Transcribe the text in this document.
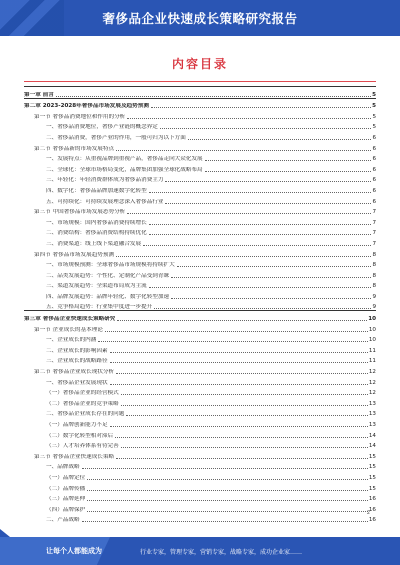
奢侈品企业快速成长策略研究报告
内容目录
第一章 前言	5
第二章 2023-2028年奢侈品市场发展及趋势预测	5
第一节 奢侈品消费地位和作用的分析	5
一、奢侈品消费地位，奢侈产业链的概念界定	5
二、奢侈品消费，奢侈产业的作用，一般可归为以下方面	6
第二节 奢侈品新的市场发展特点	6
一、发展特点：从重视品牌到重视产品，奢侈品走向大众化发展	6
二、全球化：全球市场格局变化，品牌集团加强全球化战略布局	6
三、年轻化：年轻消费群体成为奢侈品消费主力	6
四、数字化：奢侈品品牌加速数字化转型	6
五、可持续化：可持续发展理念深入奢侈品行业	6
第三节 中国奢侈品市场发展态势分析	7
一、市场规模：国内奢侈品消费持续增长	7
二、消费结构：奢侈品消费结构持续优化	7
三、消费渠道：线上线下渠道融合发展	7
第四节 奢侈品市场发展趋势预测	8
一、市场规模预测：全球奢侈品市场规模将持续扩大	8
二、品类发展趋势：个性化、定制化产品受到青睐	8
三、渠道发展趋势：全渠道布局成为主流	8
四、品牌发展趋势：品牌年轻化、数字化转型加速	9
五、竞争格局趋势：行业集中度进一步提升	9
第三章 奢侈品企业快速成长策略研究	10
第一节 企业成长的基本理论	10
一、企业成长的内涵	10
二、企业成长的影响因素	11
三、企业成长的战略路径	11
第二节 奢侈品企业成长现状分析	12
一、奢侈品企业发展现状	12
（一）奢侈品企业的经营模式	12
（二）奢侈品企业的竞争策略	13
二、奢侈品企业成长存在的问题	13
（一）品牌创新能力不足	13
（二）数字化转型相对滞后	14
（三）人才培养体系有待完善	14
第三节 奢侈品企业快速成长策略	15
一、品牌战略	15
（一）品牌定位	15
（二）品牌传播	15
（三）品牌延伸	16
（四）品牌保护	16
二、产品战略	16
2
让每个人都能成为	行业专家，管理专家，营销专家，战略专家，成功企业家……
